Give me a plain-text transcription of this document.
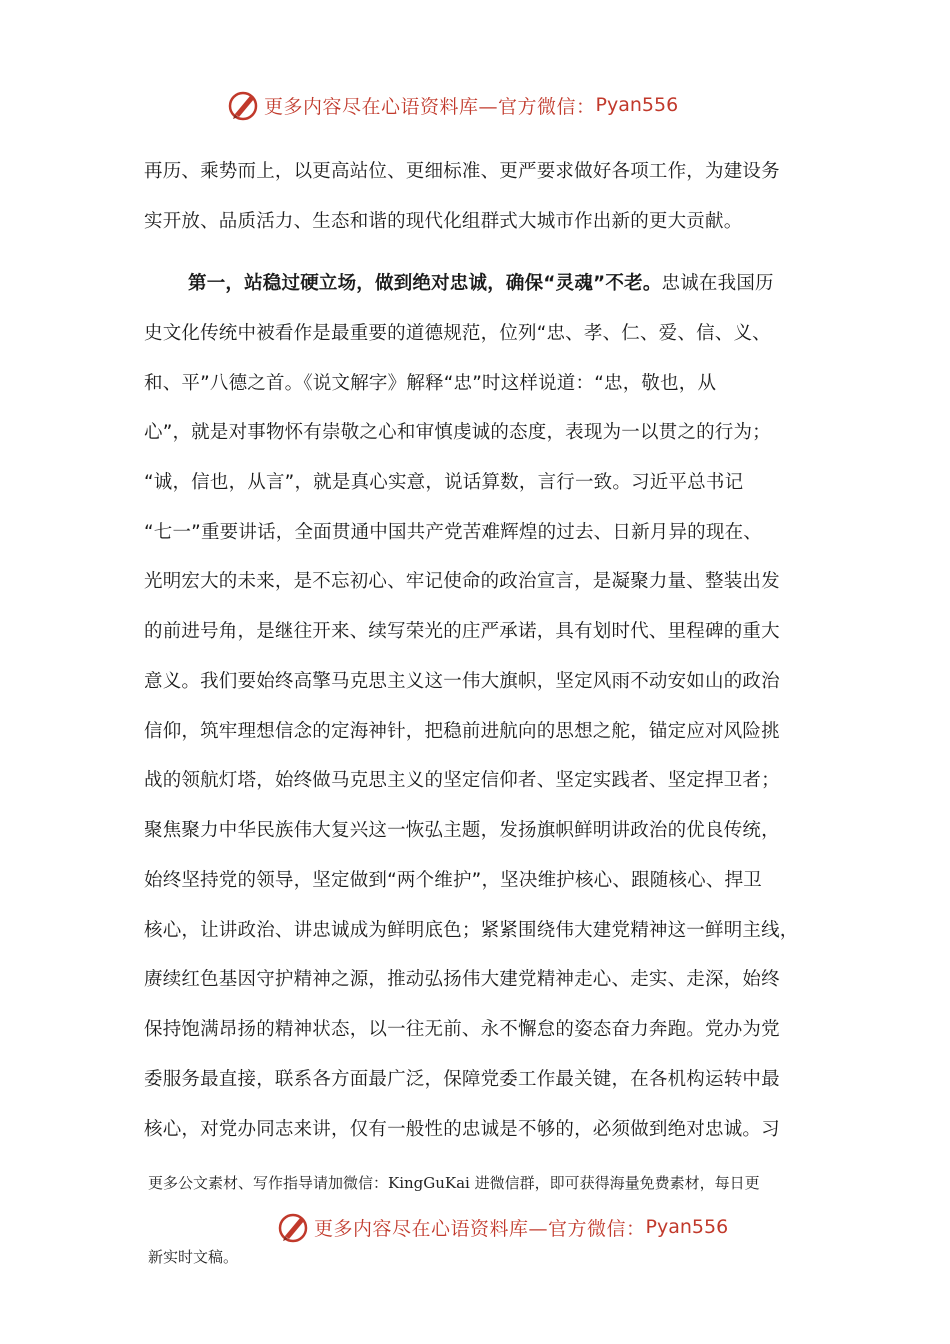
更多内容尽在心语资料库—官方微信： Pyan556
再历、乘势而上，以更高站位、更细标准、更严要求做好各项工作，为建设务
实开放、品质活力、生态和谐的现代化组群式大城市作出新的更大贡献。
第一，站稳过硬立场，做到绝对忠诚，确保“灵魂”不老。忠诚在我国历
史文化传统中被看作是最重要的道德规范，位列“忠、孝、仁、爱、信、义、
和、平”八德之首。《说文解字》解释“忠”时这样说道：“忠，敬也，从
心”，就是对事物怀有崇敬之心和审慎虔诚的态度，表现为一以贯之的行为；
“诚，信也，从言”，就是真心实意，说话算数，言行一致。习近平总书记
“七一”重要讲话，全面贯通中国共产党苦难辉煌的过去、日新月异的现在、
光明宏大的未来，是不忘初心、牢记使命的政治宣言，是凝聚力量、整装出发
的前进号角，是继往开来、续写荣光的庄严承诺，具有划时代、里程碑的重大
意义。我们要始终高擎马克思主义这一伟大旗帜，坚定风雨不动安如山的政治
信仰，筑牢理想信念的定海神针，把稳前进航向的思想之舵，锚定应对风险挑
战的领航灯塔，始终做马克思主义的坚定信仰者、坚定实践者、坚定捍卫者；
聚焦聚力中华民族伟大复兴这一恢弘主题，发扬旗帜鲜明讲政治的优良传统，
始终坚持党的领导，坚定做到“两个维护”，坚决维护核心、跟随核心、捍卫
核心，让讲政治、讲忠诚成为鲜明底色；紧紧围绕伟大建党精神这一鲜明主线，
赓续红色基因守护精神之源，推动弘扬伟大建党精神走心、走实、走深，始终
保持饱满昂扬的精神状态，以一往无前、永不懈怠的姿态奋力奔跑。党办为党
委服务最直接，联系各方面最广泛，保障党委工作最关键，在各机构运转中最
核心，对党办同志来讲，仅有一般性的忠诚是不够的，必须做到绝对忠诚。习
更多公文素材、写作指导请加微信：KingGuKai 进微信群，即可获得海量免费素材，每日更
更多内容尽在心语资料库—官方微信： Pyan556
新实时文稿。
